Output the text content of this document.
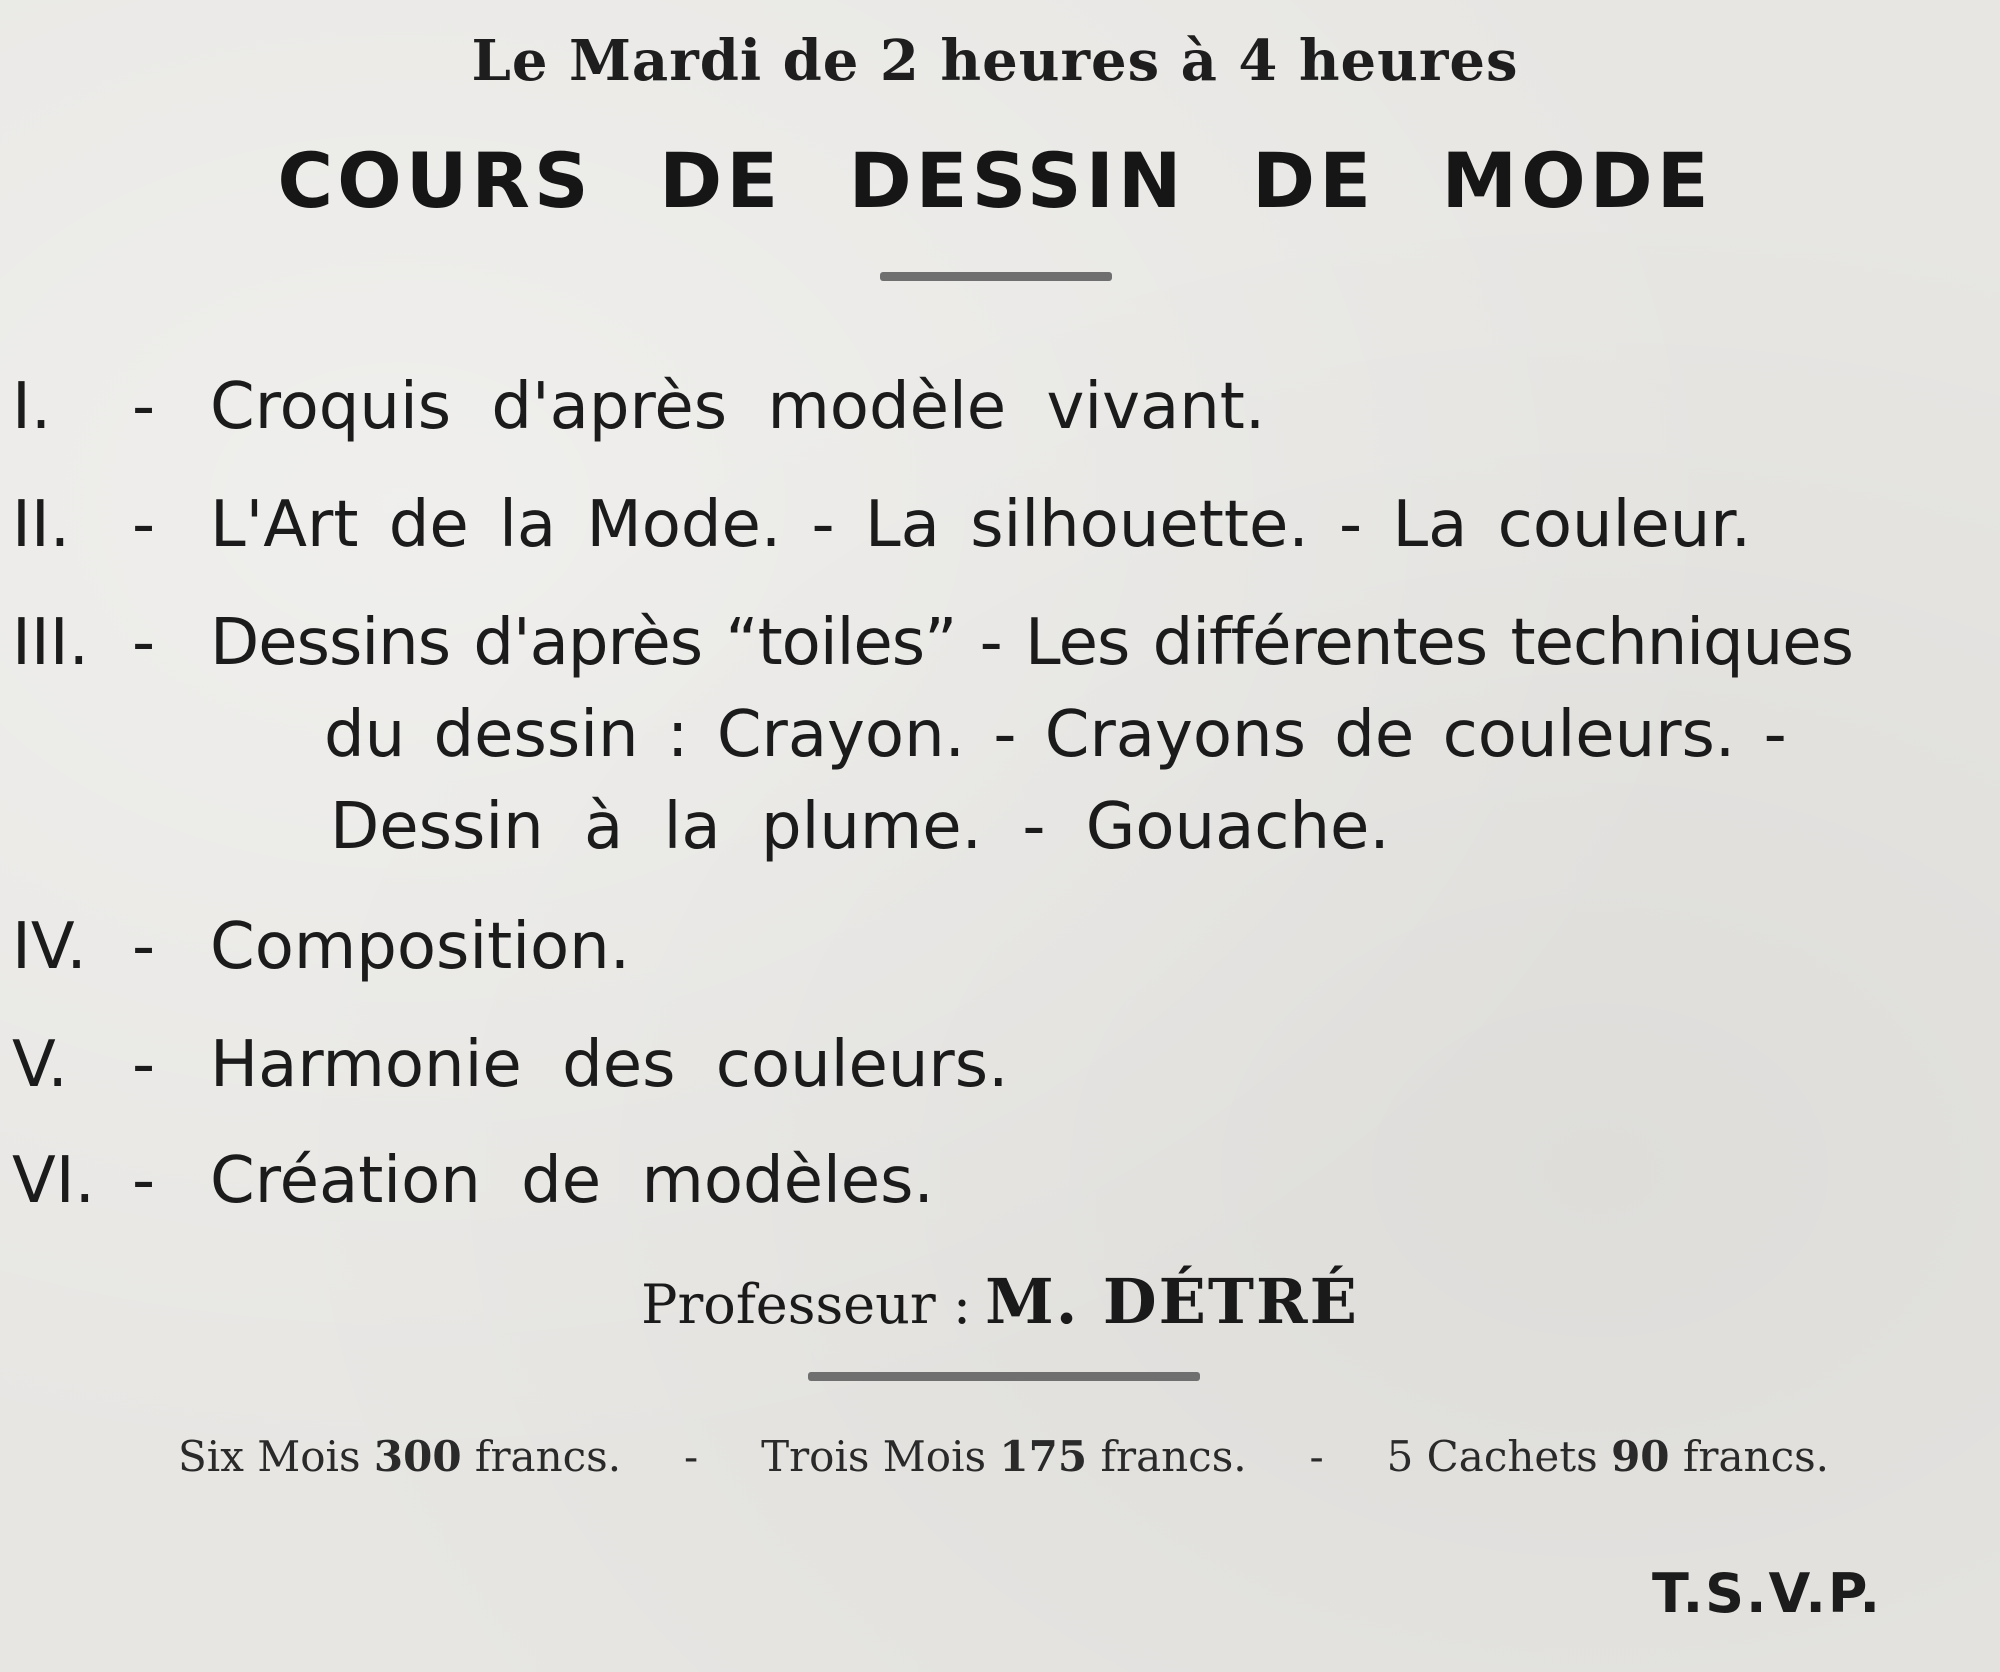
Le Mardi de 2 heures à 4 heures
COURS DE DESSIN DE MODE
I. - Croquis d'après modèle vivant.
II. - L'Art de la Mode. - La silhouette. - La couleur.
III. - Dessins d'après “toiles” - Les différentes techniques
du dessin : Crayon. - Crayons de couleurs. -
Dessin à la plume. - Gouache.
IV. - Composition.
V. - Harmonie des couleurs.
VI. - Création de modèles.
Professeur : M. DÉTRÉ
Six Mois 300 francs. - Trois Mois 175 francs. - 5 Cachets 90 francs.
T.S.V.P.
